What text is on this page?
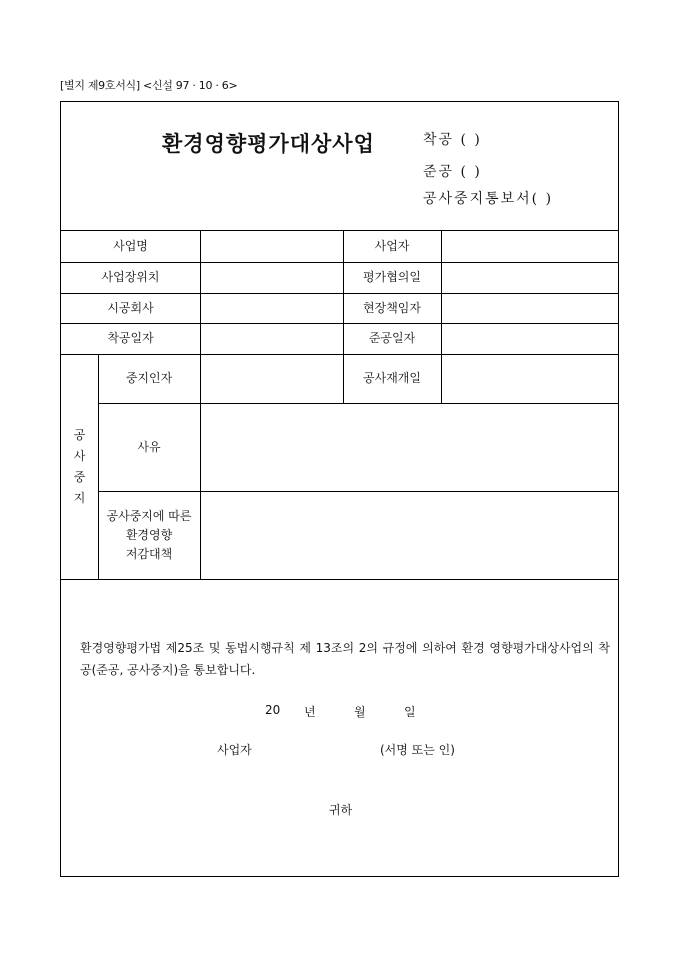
[별지 제9호서식] <신설 97 · 10 · 6>
환경영향평가대상사업	착공 ( )
준공 ( )
공사중지통보서( )
사업명	사업자
사업장위치	평가협의일
시공회사	현장책임자
착공일자	준공일자
공
사
중
지
중지인자	공사재개일
사유
공사중지에 따른
환경영향
저감대책
환경영향평가법 제25조 및 동법시행규칙 제 13조의 2의 규정에 의하여 환경 영향평가대상사업의 착공(준공, 공사중지)을 통보합니다.
20 년	월	일
사업자	(서명 또는 인)
귀하
